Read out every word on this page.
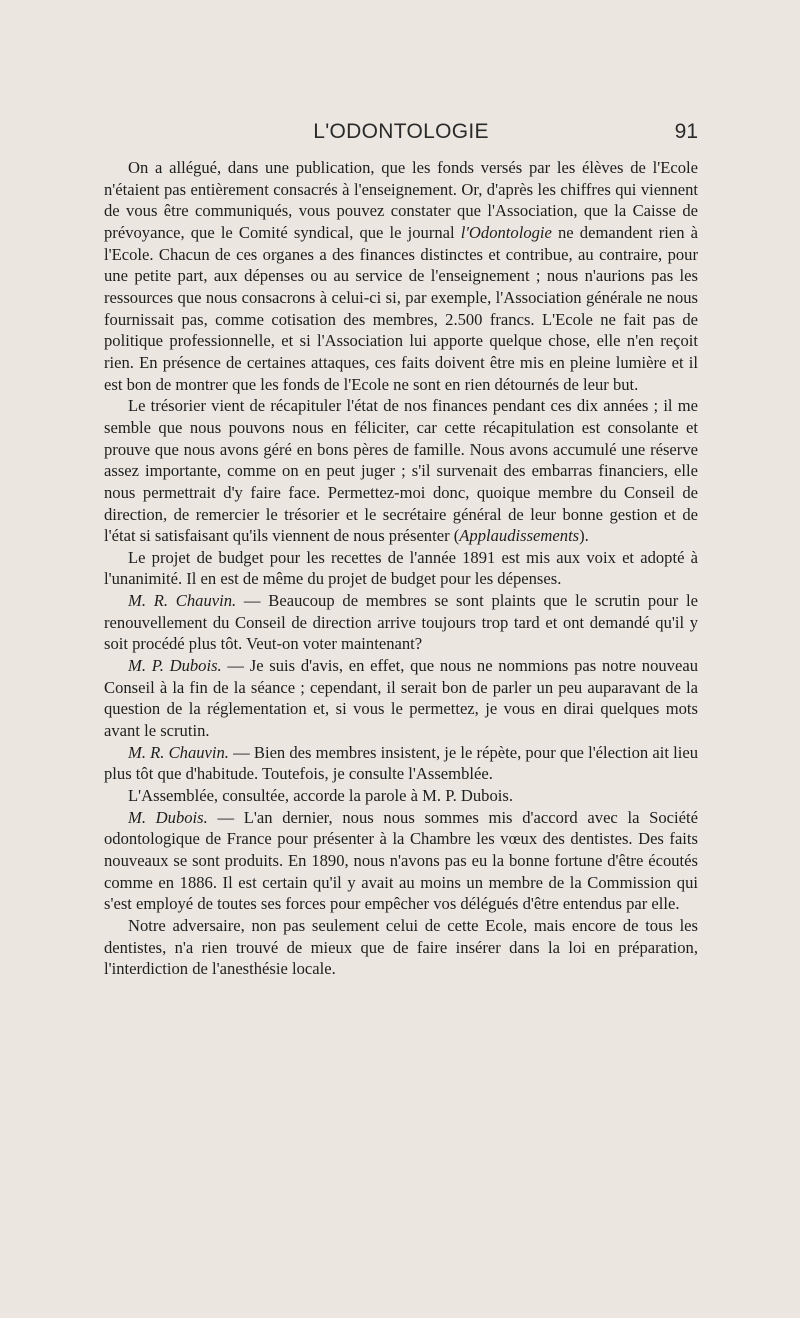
L'ODONTOLOGIE	91

On a allégué, dans une publication, que les fonds versés par les élèves de l'Ecole n'étaient pas entièrement consacrés à l'enseignement. Or, d'après les chiffres qui viennent de vous être communiqués, vous pouvez constater que l'Association, que la Caisse de prévoyance, que le Comité syndical, que le journal l'Odontologie ne demandent rien à l'Ecole. Chacun de ces organes a des finances distinctes et contribue, au contraire, pour une petite part, aux dépenses ou au service de l'enseignement ; nous n'aurions pas les ressources que nous consacrons à celui-ci si, par exemple, l'Association générale ne nous fournissait pas, comme cotisation des membres, 2.500 francs. L'Ecole ne fait pas de politique professionnelle, et si l'Association lui apporte quelque chose, elle n'en reçoit rien. En présence de certaines attaques, ces faits doivent être mis en pleine lumière et il est bon de montrer que les fonds de l'Ecole ne sont en rien détournés de leur but.

Le trésorier vient de récapituler l'état de nos finances pendant ces dix années ; il me semble que nous pouvons nous en féliciter, car cette récapitulation est consolante et prouve que nous avons géré en bons pères de famille. Nous avons accumulé une réserve assez importante, comme on en peut juger ; s'il survenait des embarras financiers, elle nous permettrait d'y faire face. Permettez-moi donc, quoique membre du Conseil de direction, de remercier le trésorier et le secrétaire général de leur bonne gestion et de l'état si satisfaisant qu'ils viennent de nous présenter (Applaudissements).

Le projet de budget pour les recettes de l'année 1891 est mis aux voix et adopté à l'unanimité. Il en est de même du projet de budget pour les dépenses.

M. R. Chauvin. — Beaucoup de membres se sont plaints que le scrutin pour le renouvellement du Conseil de direction arrive toujours trop tard et ont demandé qu'il y soit procédé plus tôt. Veut-on voter maintenant?

M. P. Dubois. — Je suis d'avis, en effet, que nous ne nommions pas notre nouveau Conseil à la fin de la séance ; cependant, il serait bon de parler un peu auparavant de la question de la réglementation et, si vous le permettez, je vous en dirai quelques mots avant le scrutin.

M. R. Chauvin. — Bien des membres insistent, je le répète, pour que l'élection ait lieu plus tôt que d'habitude. Toutefois, je consulte l'Assemblée.

L'Assemblée, consultée, accorde la parole à M. P. Dubois.

M. Dubois. — L'an dernier, nous nous sommes mis d'accord avec la Société odontologique de France pour présenter à la Chambre les vœux des dentistes. Des faits nouveaux se sont produits. En 1890, nous n'avons pas eu la bonne fortune d'être écoutés comme en 1886. Il est certain qu'il y avait au moins un membre de la Commission qui s'est employé de toutes ses forces pour empêcher vos délégués d'être entendus par elle.

Notre adversaire, non pas seulement celui de cette Ecole, mais encore de tous les dentistes, n'a rien trouvé de mieux que de faire insérer dans la loi en préparation, l'interdiction de l'anesthésie locale.
